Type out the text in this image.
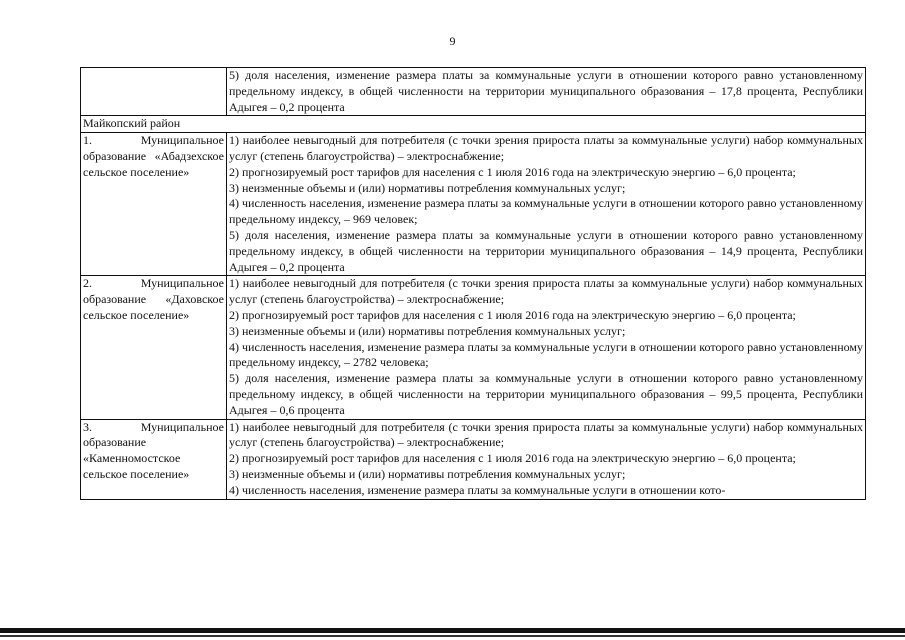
9

	5) доля населения, изменение размера платы за коммунальные услуги в отношении которого равно установленному предельному индексу, в общей численности на территории муниципального образования – 17,8 процента, Республики Адыгея – 0,2 процента

Майкопский район	
1. Муниципальное образование «Абадзехское сельское поселение»	1) наиболее невыгодный для потребителя (с точки зрения прироста платы за коммунальные услуги) набор коммунальных услуг (степень благоустройства) – электроснабжение;
2) прогнозируемый рост тарифов для населения с 1 июля 2016 года на электрическую энергию – 6,0 процента;
3) неизменные объемы и (или) нормативы потребления коммунальных услуг;
4) численность населения, изменение размера платы за коммунальные услуги в отношении которого равно установленному предельному индексу, – 969 человек;
5) доля населения, изменение размера платы за коммунальные услуги в отношении которого равно установленному предельному индексу, в общей численности на территории муниципального образования – 14,9 процента, Республики Адыгея – 0,2 процента

2. Муниципальное образование «Даховское сельское поселение»	1) наиболее невыгодный для потребителя (с точки зрения прироста платы за коммунальные услуги) набор коммунальных услуг (степень благоустройства) – электроснабжение;
2) прогнозируемый рост тарифов для населения с 1 июля 2016 года на электрическую энергию – 6,0 процента;
3) неизменные объемы и (или) нормативы потребления коммунальных услуг;
4) численность населения, изменение размера платы за коммунальные услуги в отношении которого равно установленному предельному индексу, – 2782 человека;
5) доля населения, изменение размера платы за коммунальные услуги в отношении которого равно установленному предельному индексу, в общей численности на территории муниципального образования – 99,5 процента, Республики Адыгея – 0,6 процента

3. Муниципальное образование «Каменномостское сельское поселение»	1) наиболее невыгодный для потребителя (с точки зрения прироста платы за коммунальные услуги) набор коммунальных услуг (степень благоустройства) – электроснабжение;
2) прогнозируемый рост тарифов для населения с 1 июля 2016 года на электрическую энергию – 6,0 процента;
3) неизменные объемы и (или) нормативы потребления коммунальных услуг;
4) численность населения, изменение размера платы за коммунальные услуги в отношении кото-
